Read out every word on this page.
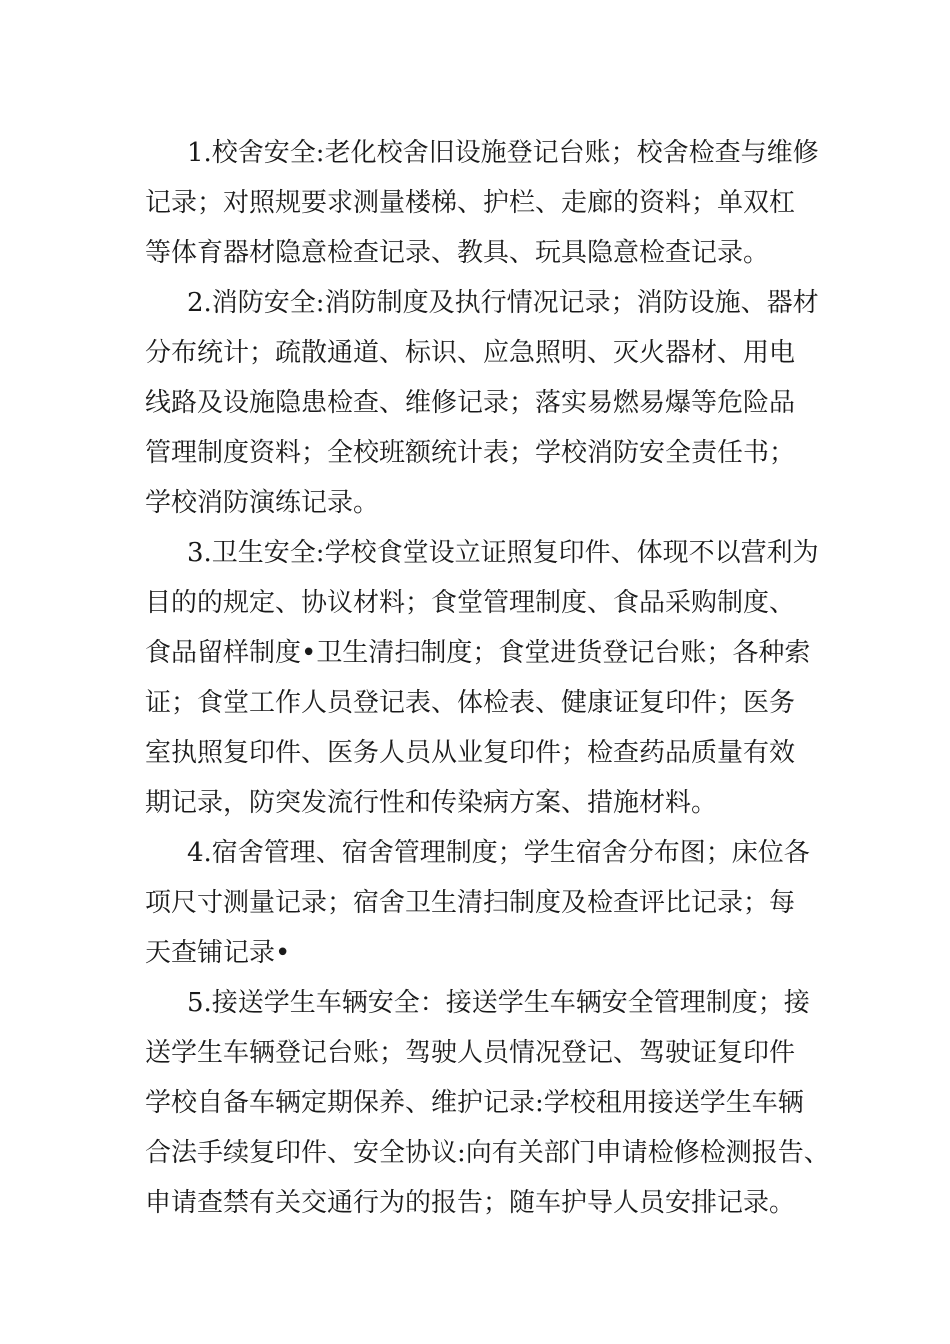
1.校舍安全:老化校舍旧设施登记台账；校舍检查与维修
记录；对照规要求测量楼梯、护栏、走廊的资料；单双杠
等体育器材隐意检查记录、教具、玩具隐意检查记录。

2.消防安全:消防制度及执行情况记录；消防设施、器材
分布统计；疏散通道、标识、应急照明、灭火器材、用电
线路及设施隐患检查、维修记录；落实易燃易爆等危险品
管理制度资料；全校班额统计表；学校消防安全责任书；
学校消防演练记录。

3.卫生安全:学校食堂设立证照复印件、体现不以营利为
目的的规定、协议材料；食堂管理制度、食品采购制度、
食品留样制度•卫生清扫制度；食堂进货登记台账；各种索
证；食堂工作人员登记表、体检表、健康证复印件；医务
室执照复印件、医务人员从业复印件；检查药品质量有效
期记录，防突发流行性和传染病方案、措施材料。

4.宿舍管理、宿舍管理制度；学生宿舍分布图；床位各
项尺寸测量记录；宿舍卫生清扫制度及检查评比记录；每
天查铺记录•

5.接送学生车辆安全：接送学生车辆安全管理制度；接
送学生车辆登记台账；驾驶人员情况登记、驾驶证复印件
学校自备车辆定期保养、维护记录:学校租用接送学生车辆
合法手续复印件、安全协议:向有关部门申请检修检测报告、
申请查禁有关交通行为的报告；随车护导人员安排记录。
